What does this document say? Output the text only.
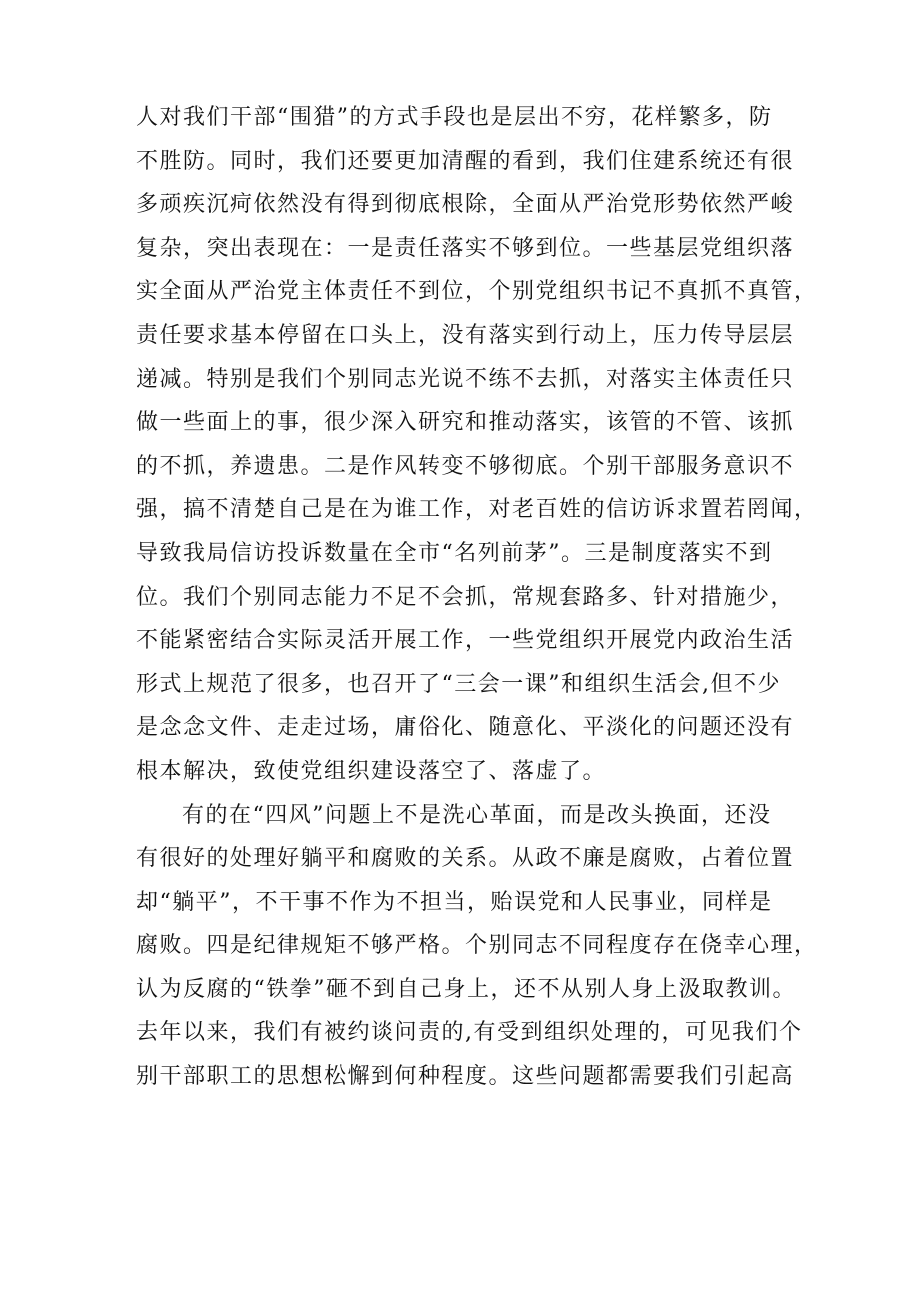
人对我们干部“围猎”的方式手段也是层出不穷，花样繁多，防
不胜防。同时，我们还要更加清醒的看到，我们住建系统还有很
多顽疾沉疴依然没有得到彻底根除，全面从严治党形势依然严峻
复杂，突出表现在：一是责任落实不够到位。一些基层党组织落
实全面从严治党主体责任不到位，个别党组织书记不真抓不真管，
责任要求基本停留在口头上，没有落实到行动上，压力传导层层
递减。特别是我们个别同志光说不练不去抓，对落实主体责任只
做一些面上的事，很少深入研究和推动落实，该管的不管、该抓
的不抓，养遗患。二是作风转变不够彻底。个别干部服务意识不
强，搞不清楚自己是在为谁工作，对老百姓的信访诉求置若罔闻，
导致我局信访投诉数量在全市“名列前茅”。三是制度落实不到
位。我们个别同志能力不足不会抓，常规套路多、针对措施少，
不能紧密结合实际灵活开展工作，一些党组织开展党内政治生活
形式上规范了很多，也召开了“三会一课”和组织生活会,但不少
是念念文件、走走过场，庸俗化、随意化、平淡化的问题还没有
根本解决，致使党组织建设落空了、落虚了。
有的在“四风”问题上不是洗心革面，而是改头换面，还没
有很好的处理好躺平和腐败的关系。从政不廉是腐败，占着位置
却“躺平”，不干事不作为不担当，贻误党和人民事业，同样是
腐败。四是纪律规矩不够严格。个别同志不同程度存在侥幸心理，
认为反腐的“铁拳”砸不到自己身上，还不从别人身上汲取教训。
去年以来，我们有被约谈问责的,有受到组织处理的，可见我们个
别干部职工的思想松懈到何种程度。这些问题都需要我们引起高
